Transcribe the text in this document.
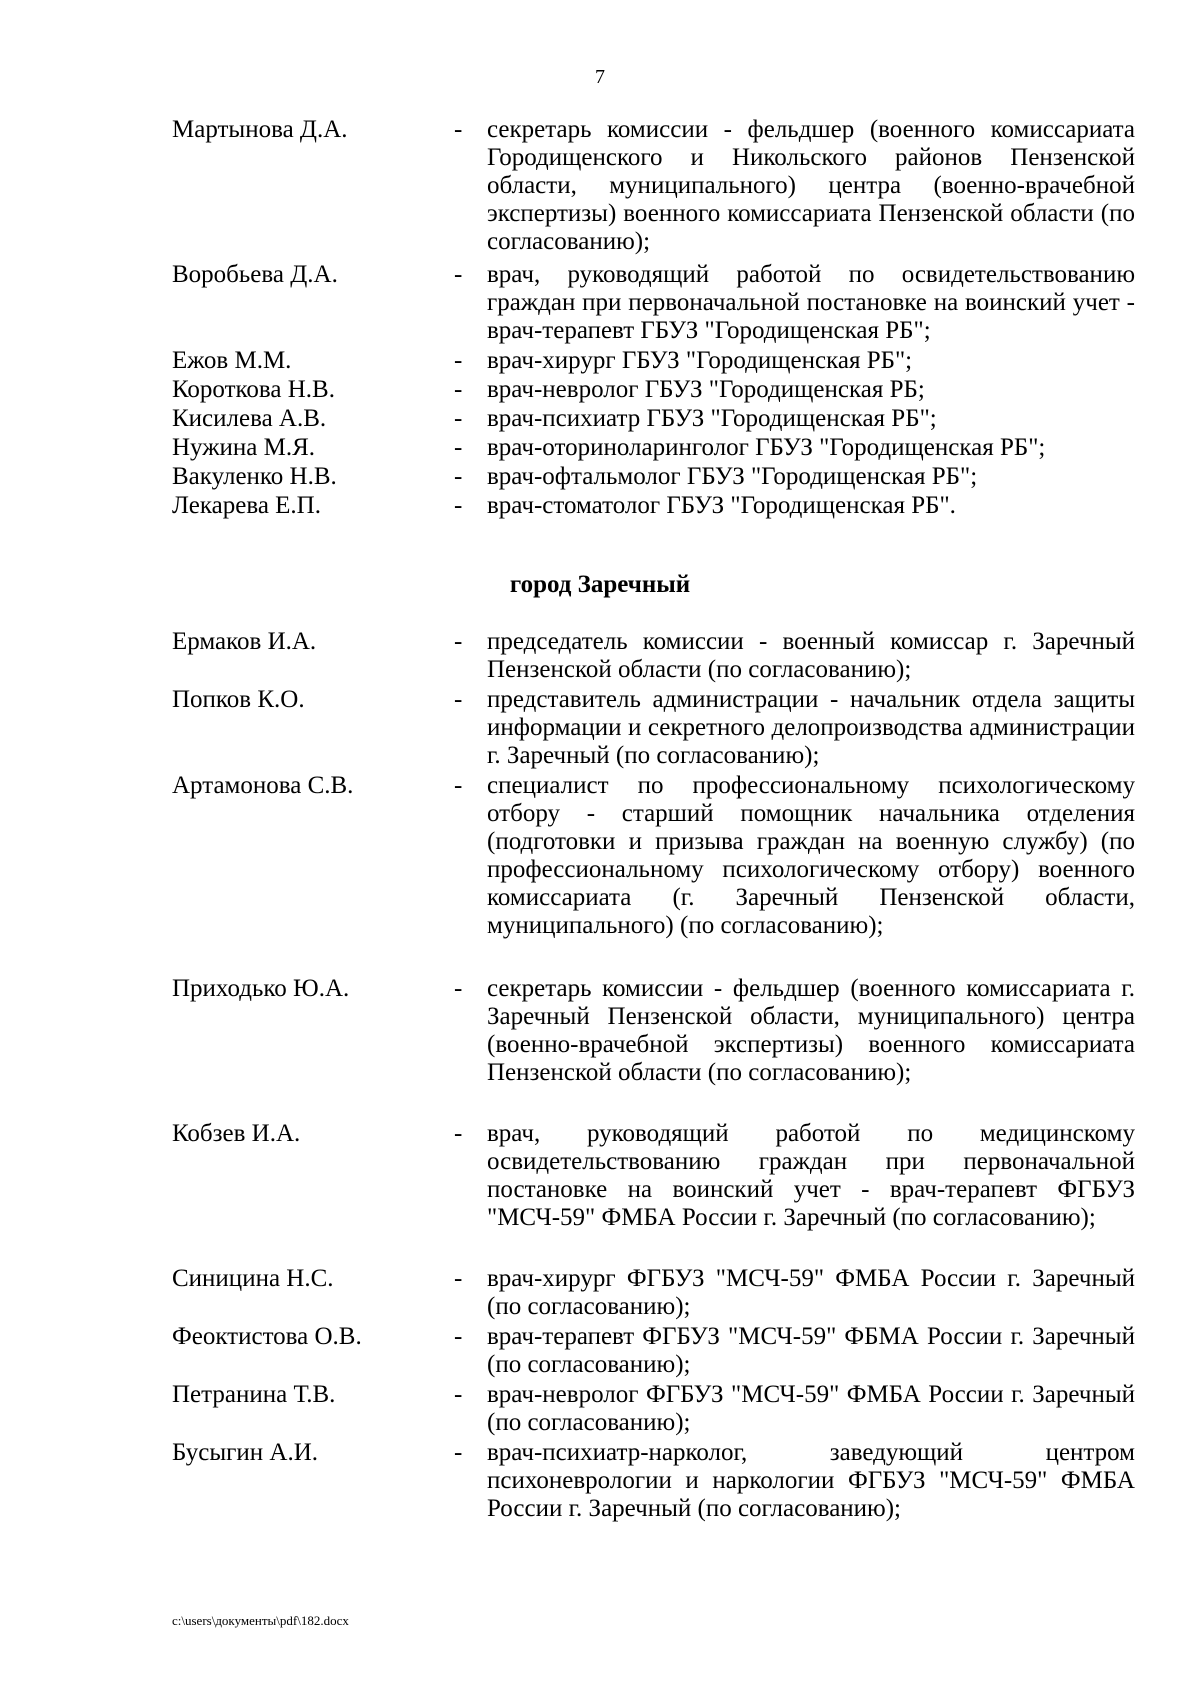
7
Мартынова Д.А.	- секретарь комиссии - фельдшер (военного комиссариата Городищенского и Никольского районов Пензенской области, муниципального) центра (военно-врачебной экспертизы) военного комиссариата Пензенской области (по согласованию);
Воробьева Д.А.	- врач, руководящий работой по освидетельствованию граждан при первоначальной постановке на воинский учет - врач-терапевт ГБУЗ "Городищенская РБ";
Ежов М.М.	- врач-хирург ГБУЗ "Городищенская РБ";
Короткова Н.В.	- врач-невролог ГБУЗ "Городищенская РБ;
Кисилева А.В.	- врач-психиатр ГБУЗ "Городищенская РБ";
Нужина М.Я.	- врач-оториноларинголог ГБУЗ "Городищенская РБ";
Вакуленко Н.В.	- врач-офтальмолог ГБУЗ "Городищенская РБ";
Лекарева Е.П.	- врач-стоматолог ГБУЗ "Городищенская РБ".
город Заречный
Ермаков И.А.	- председатель комиссии - военный комиссар г. Заречный Пензенской области (по согласованию);
Попков К.О.	- представитель администрации - начальник отдела защиты информации и секретного делопроизводства администрации г. Заречный (по согласованию);
Артамонова С.В.	- специалист по профессиональному психологическому отбору - старший помощник начальника отделения (подготовки и призыва граждан на военную службу) (по профессиональному психологическому отбору) военного комиссариата (г. Заречный Пензенской области, муниципального) (по согласованию);
Приходько Ю.А.	- секретарь комиссии - фельдшер (военного комиссариата г. Заречный Пензенской области, муниципального) центра (военно-врачебной экспертизы) военного комиссариата Пензенской области (по согласованию);
Кобзев И.А.	- врач, руководящий работой по медицинскому освидетельствованию граждан при первоначальной постановке на воинский учет - врач-терапевт ФГБУЗ "МСЧ-59" ФМБА России г. Заречный (по согласованию);
Синицина Н.С.	- врач-хирург ФГБУЗ "МСЧ-59" ФМБА России г. Заречный (по согласованию);
Феоктистова О.В.	- врач-терапевт ФГБУЗ "МСЧ-59" ФБМА России г. Заречный (по согласованию);
Петранина Т.В.	- врач-невролог ФГБУЗ "МСЧ-59" ФМБА России г. Заречный (по согласованию);
Бусыгин А.И.	- врач-психиатр-нарколог, заведующий центром психоневрологии и наркологии ФГБУЗ "МСЧ-59" ФМБА России г. Заречный (по согласованию);
c:\users\документы\pdf\182.docx
